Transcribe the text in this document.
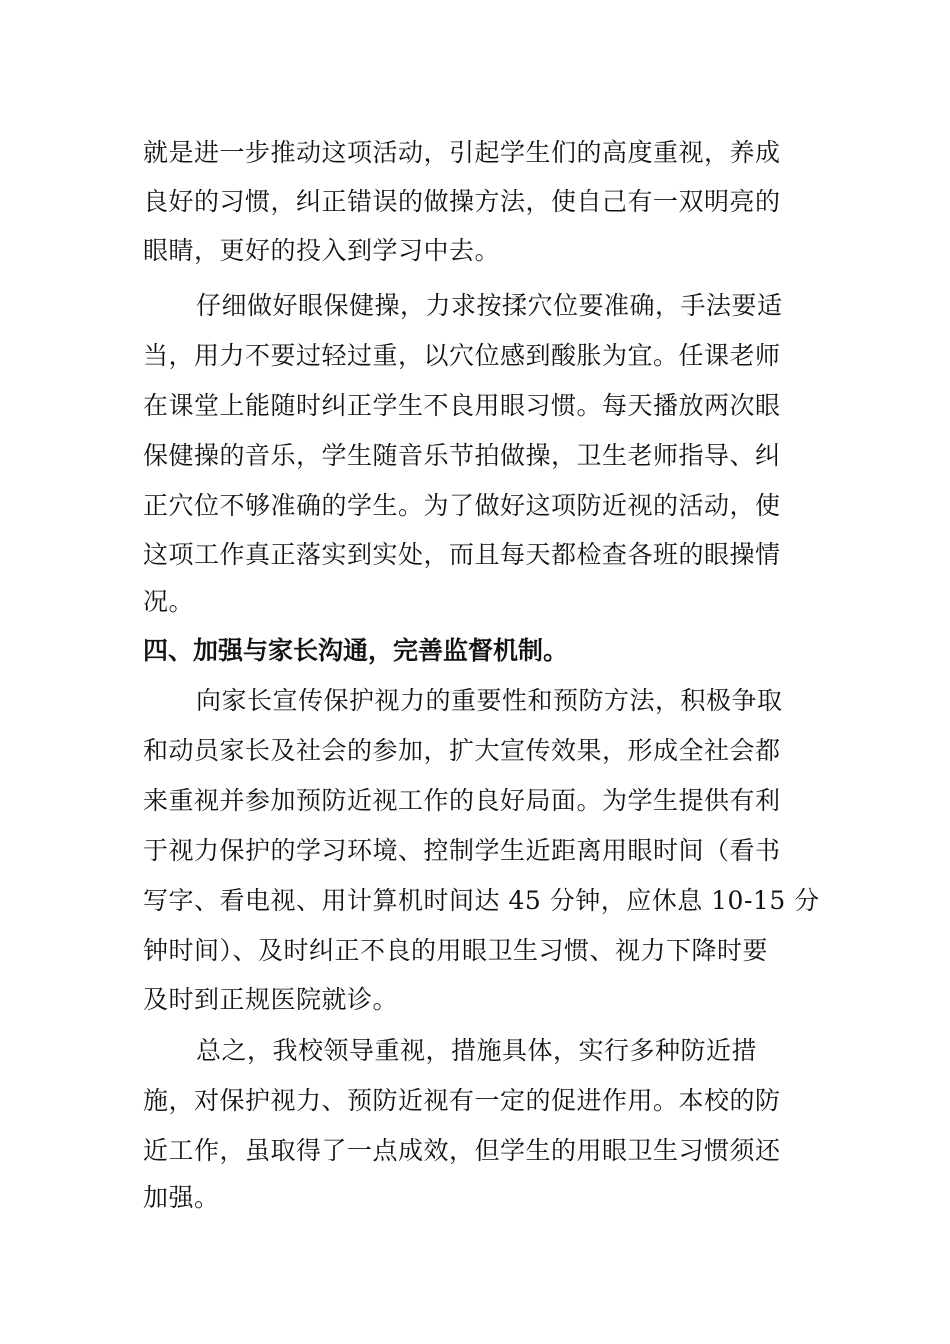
就是进一步推动这项活动，引起学生们的高度重视，养成
良好的习惯，纠正错误的做操方法，使自己有一双明亮的
眼睛，更好的投入到学习中去。
仔细做好眼保健操，力求按揉穴位要准确，手法要适
当，用力不要过轻过重，以穴位感到酸胀为宜。任课老师
在课堂上能随时纠正学生不良用眼习惯。每天播放两次眼
保健操的音乐，学生随音乐节拍做操，卫生老师指导、纠
正穴位不够准确的学生。为了做好这项防近视的活动，使
这项工作真正落实到实处，而且每天都检查各班的眼操情
况。
四、加强与家长沟通，完善监督机制。
向家长宣传保护视力的重要性和预防方法，积极争取
和动员家长及社会的参加，扩大宣传效果，形成全社会都
来重视并参加预防近视工作的良好局面。为学生提供有利
于视力保护的学习环境、控制学生近距离用眼时间（看书
写字、看电视、用计算机时间达 45 分钟，应休息 10-15 分
钟时间）、及时纠正不良的用眼卫生习惯、视力下降时要
及时到正规医院就诊。
总之，我校领导重视，措施具体，实行多种防近措
施，对保护视力、预防近视有一定的促进作用。本校的防
近工作，虽取得了一点成效，但学生的用眼卫生习惯须还
加强。
